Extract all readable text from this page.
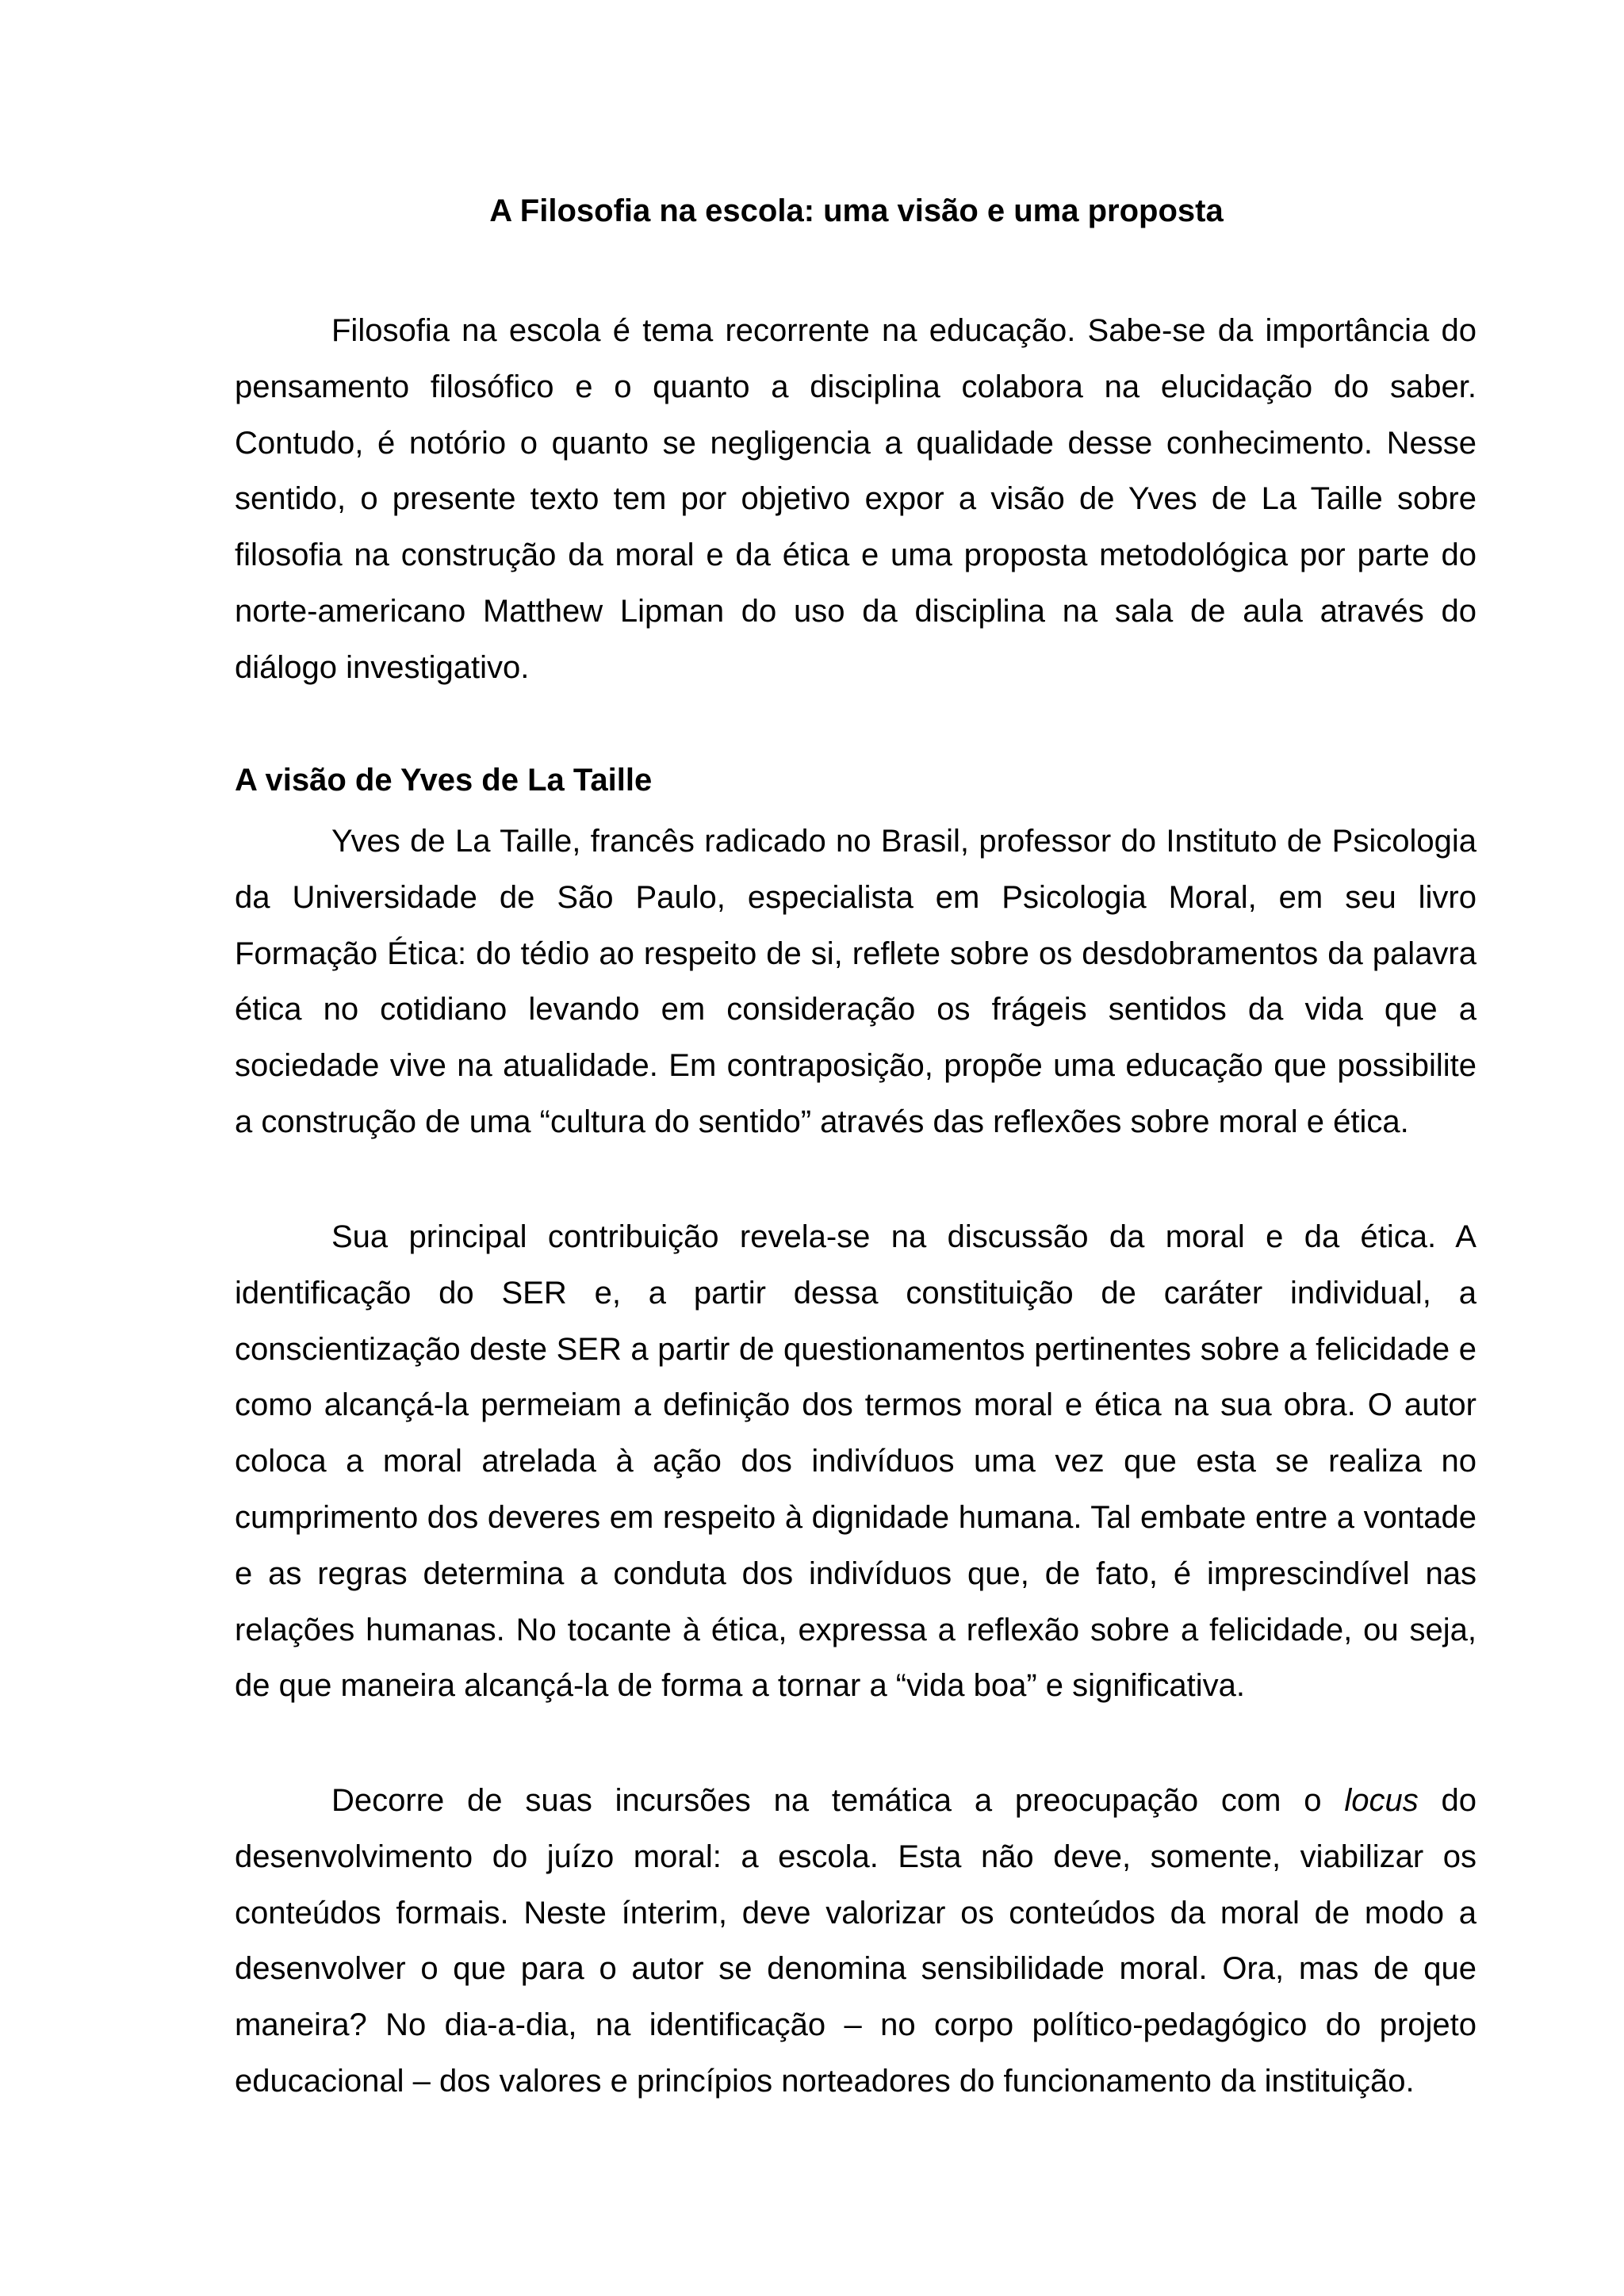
A Filosofia na escola: uma visão e uma proposta

Filosofia na escola é tema recorrente na educação. Sabe-se da importância do pensamento filosófico e o quanto a disciplina colabora na elucidação do saber. Contudo, é notório o quanto se negligencia a qualidade desse conhecimento. Nesse sentido, o presente texto tem por objetivo expor a visão de Yves de La Taille sobre filosofia na construção da moral e da ética e uma proposta metodológica por parte do norte-americano Matthew Lipman do uso da disciplina na sala de aula através do diálogo investigativo.

A visão de Yves de La Taille

Yves de La Taille, francês radicado no Brasil, professor do Instituto de Psicologia da Universidade de São Paulo, especialista em Psicologia Moral, em seu livro Formação Ética: do tédio ao respeito de si, reflete sobre os desdobramentos da palavra ética no cotidiano levando em consideração os frágeis sentidos da vida que a sociedade vive na atualidade. Em contraposição, propõe uma educação que possibilite a construção de uma “cultura do sentido” através das reflexões sobre moral e ética.

Sua principal contribuição revela-se na discussão da moral e da ética. A identificação do SER e, a partir dessa constituição de caráter individual, a conscientização deste SER a partir de questionamentos pertinentes sobre a felicidade e como alcançá-la permeiam a definição dos termos moral e ética na sua obra. O autor coloca a moral atrelada à ação dos indivíduos uma vez que esta se realiza no cumprimento dos deveres em respeito à dignidade humana. Tal embate entre a vontade e as regras determina a conduta dos indivíduos que, de fato, é imprescindível nas relações humanas. No tocante à ética, expressa a reflexão sobre a felicidade, ou seja, de que maneira alcançá-la de forma a tornar a “vida boa” e significativa.

Decorre de suas incursões na temática a preocupação com o locus do desenvolvimento do juízo moral: a escola. Esta não deve, somente, viabilizar os conteúdos formais. Neste ínterim, deve valorizar os conteúdos da moral de modo a desenvolver o que para o autor se denomina sensibilidade moral. Ora, mas de que maneira? No dia-a-dia, na identificação – no corpo político-pedagógico do projeto educacional – dos valores e princípios norteadores do funcionamento da instituição.
